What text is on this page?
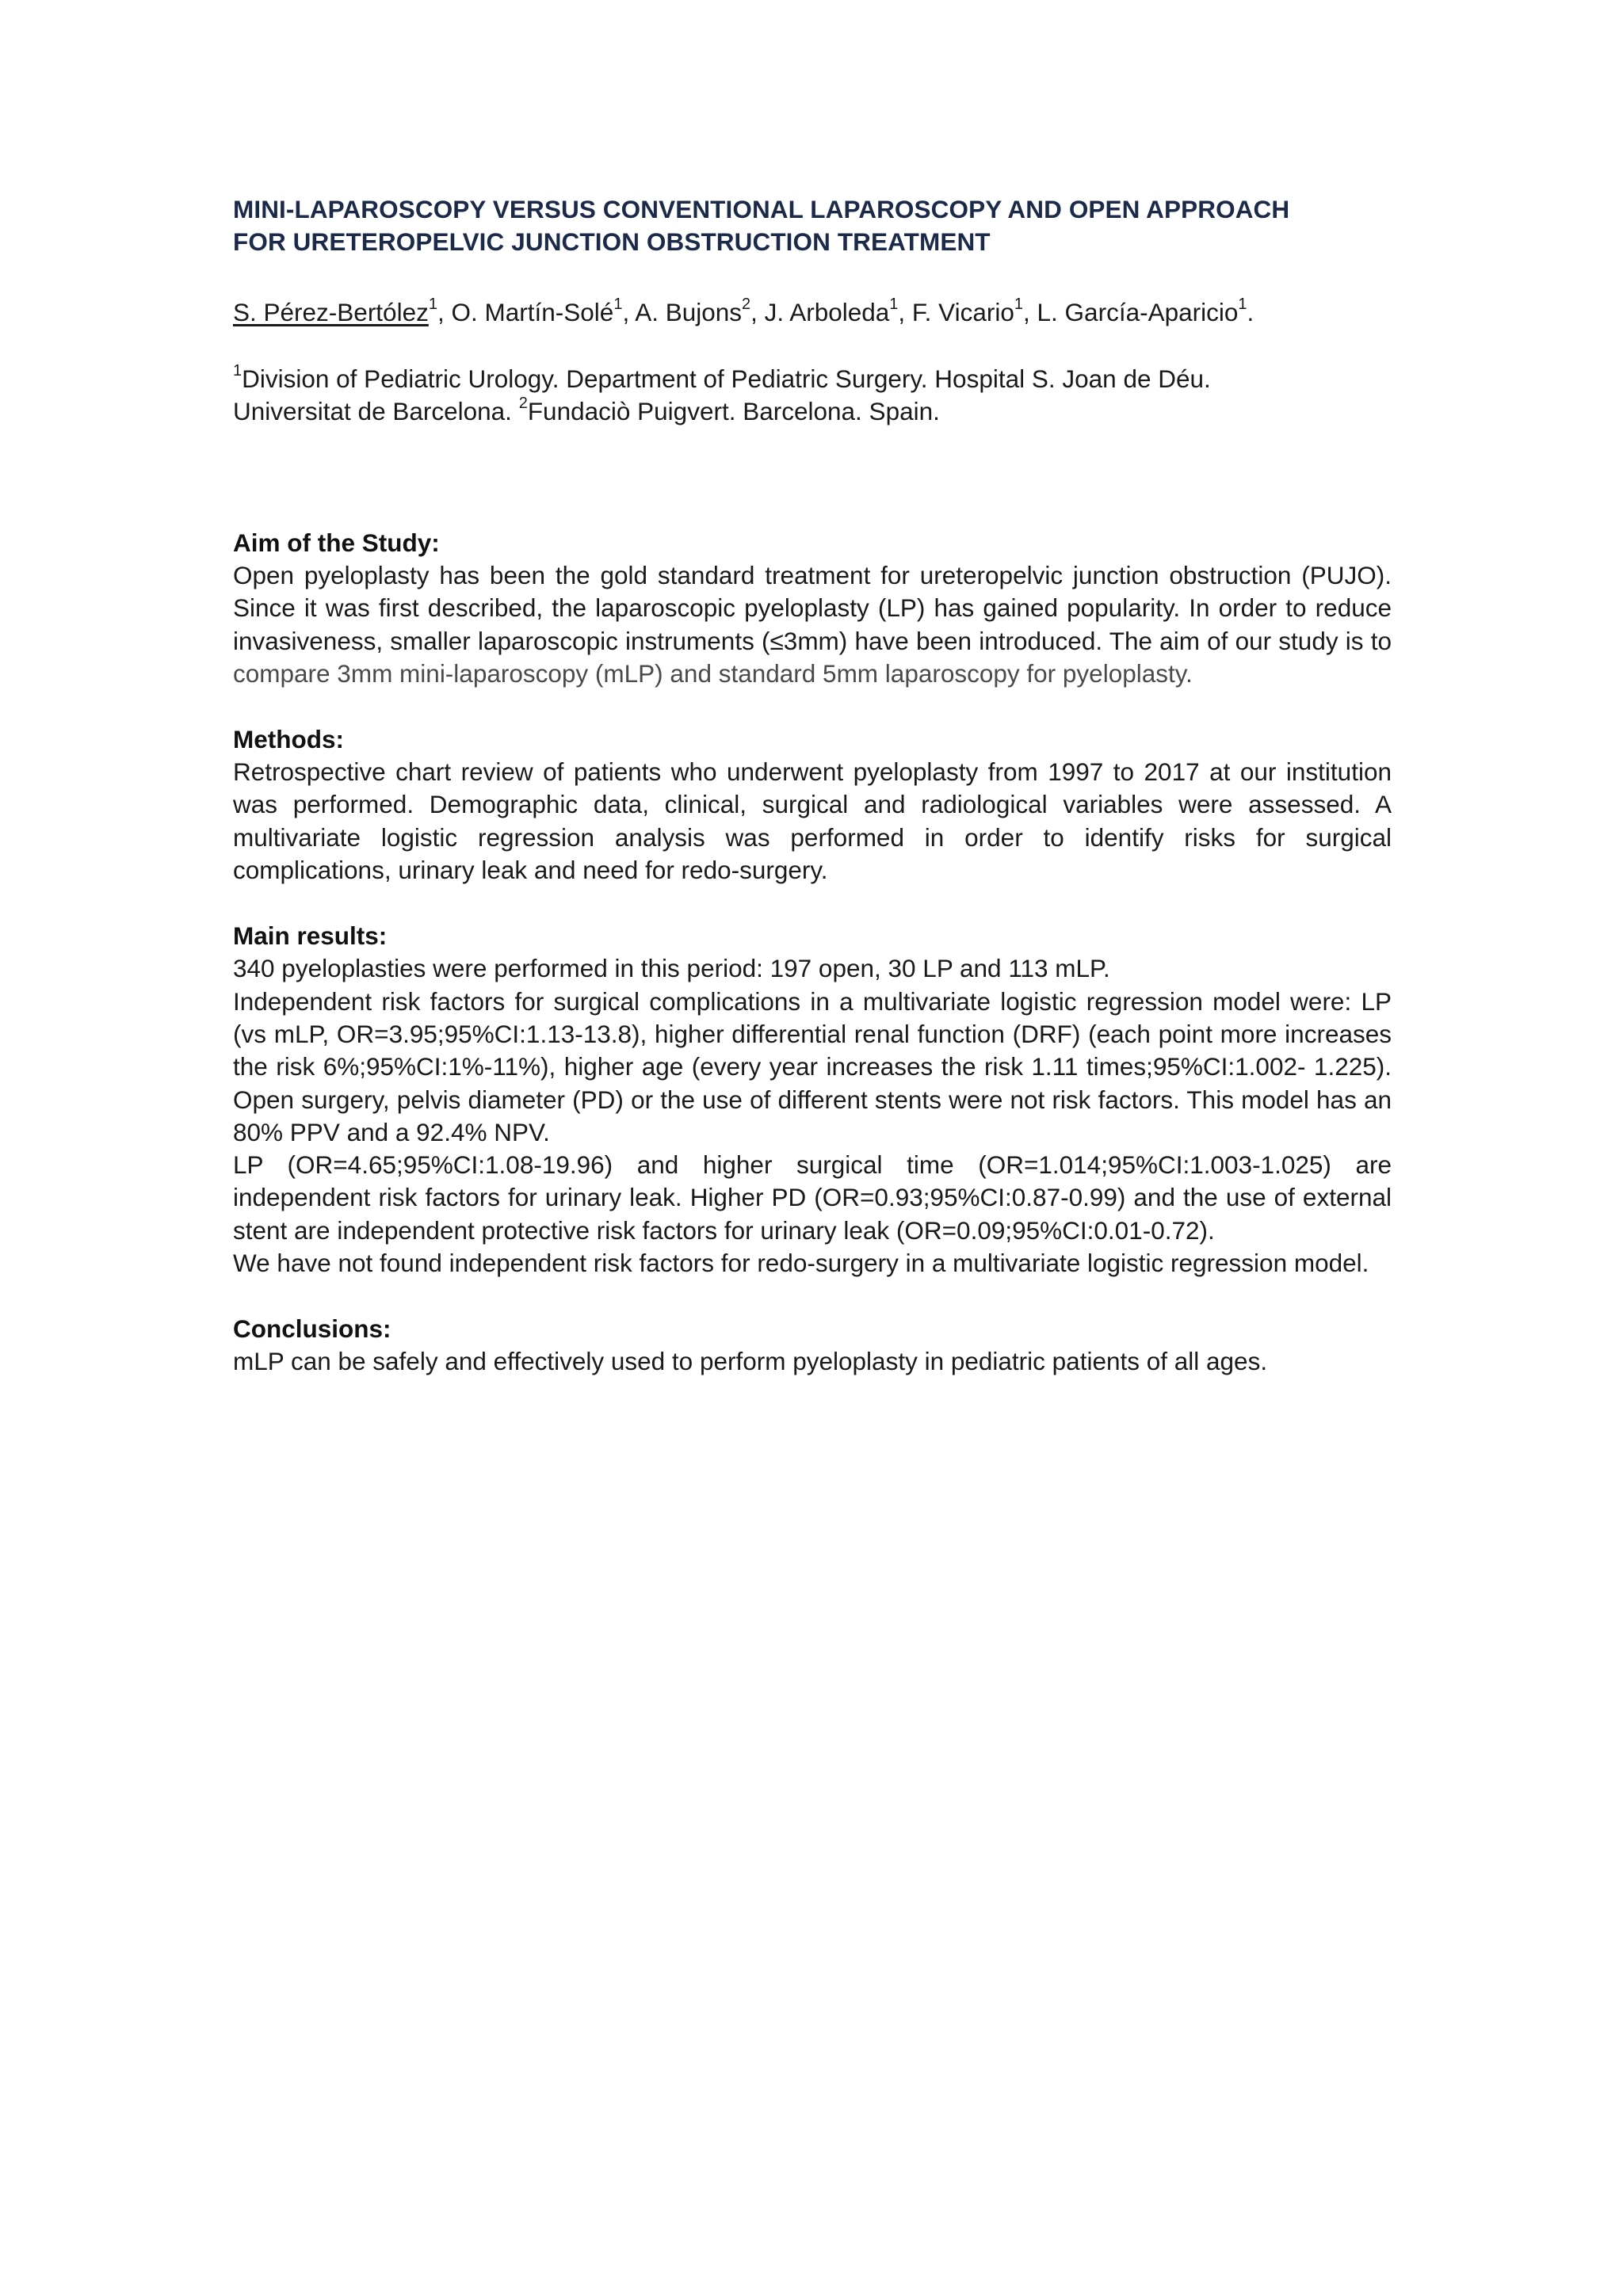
MINI-LAPAROSCOPY VERSUS CONVENTIONAL LAPAROSCOPY AND OPEN APPROACH
FOR URETEROPELVIC JUNCTION OBSTRUCTION TREATMENT
S. Pérez-Bertólez$^1$, O. Martín-Solé$^1$, A. Bujons$^2$, J. Arboleda$^1$, F. Vicario$^1$, L. García-Aparicio$^1$.
$^1$Division of Pediatric Urology. Department of Pediatric Surgery. Hospital S. Joan de Déu.
Universitat de Barcelona. $^2$Fundaciò Puigvert. Barcelona. Spain.

Aim of the Study:

Open pyeloplasty has been the gold standard treatment for ureteropelvic junction obstruction (PUJO). Since it was first described, the laparoscopic pyeloplasty (LP) has gained popularity. In order to reduce invasiveness, smaller laparoscopic instruments (≤3mm) have been introduced. The aim of our study is to compare 3mm mini-laparoscopy (mLP) and standard 5mm laparoscopy for pyeloplasty.

Methods:

Retrospective chart review of patients who underwent pyeloplasty from 1997 to 2017 at our institution was performed. Demographic data, clinical, surgical and radiological variables were assessed. A multivariate logistic regression analysis was performed in order to identify risks for surgical complications, urinary leak and need for redo-surgery.

Main results:

340 pyeloplasties were performed in this period: 197 open, 30 LP and 113 mLP.

Independent risk factors for surgical complications in a multivariate logistic regression model were: LP (vs mLP, OR=3.95;95%CI:1.13-13.8), higher differential renal function (DRF) (each point more increases the risk 6%;95%CI:1%-11%), higher age (every year increases the risk 1.11 times;95%CI:1.002- 1.225). Open surgery, pelvis diameter (PD) or the use of different stents were not risk factors. This model has an 80% PPV and a 92.4% NPV.

LP (OR=4.65;95%CI:1.08-19.96) and higher surgical time (OR=1.014;95%CI:1.003-1.025) are independent risk factors for urinary leak. Higher PD (OR=0.93;95%CI:0.87-0.99) and the use of external stent are independent protective risk factors for urinary leak (OR=0.09;95%CI:0.01-0.72).

We have not found independent risk factors for redo-surgery in a multivariate logistic regression model.

Conclusions:

mLP can be safely and effectively used to perform pyeloplasty in pediatric patients of all ages.
